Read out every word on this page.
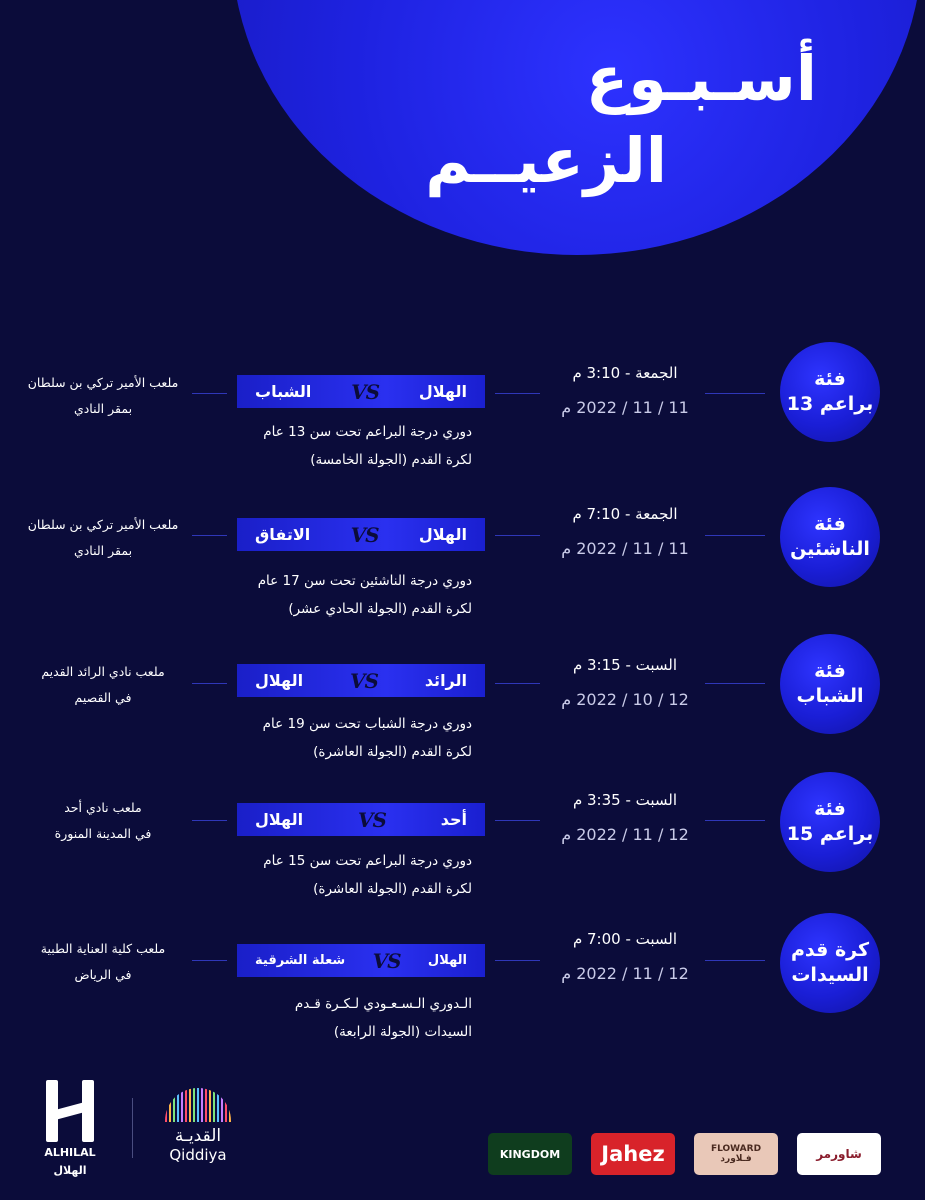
أسـبـوع
الزعيــم
فئة
براعم 13
الجمعة - 3:10 م
11 / 11 / 2022 م
الشباب VS الهلال
دوري درجة البراعم تحت سن 13 عام
لكرة القدم (الجولة الخامسة)
ملعب الأمير تركي بن سلطان
بمقر النادي
فئة
الناشئين
الجمعة - 7:10 م
11 / 11 / 2022 م
الاتفاق VS	الهلال
دوري درجة الناشئين تحت سن 17 عام
لكرة القدم (الجولة الحادي عشر)
ملعب الأمير تركي بن سلطان
بمقر النادي
فئة
الشباب
السبت - 3:15 م
12 / 10 / 2022 م
الهلال VS	الرائد
دوري درجة الشباب تحت سن 19 عام
لكرة القدم (الجولة العاشرة)
ملعب نادي الرائد القديم
في القصيم
فئة
براعم 15
السبت - 3:35 م
12 / 11 / 2022 م
الهلال	VS	أحد
دوري درجة البراعم تحت سن 15 عام
لكرة القدم (الجولة العاشرة)
ملعب نادي أحد
في المدينة المنورة
كرة قدم
السيدات
السبت - 7:00 م
12 / 11 / 2022 م
شعلة الشرقية VS الهلال
الـدوري الـسـعـودي لـكـرة قـدم
السيدات (الجولة الرابعة)
ملعب كلية العناية الطبية
في الرياض
ALHILAL
الهلال
القديـة
Qiddiya	KINGDOM Jahez	FLOWARD
فـلاورد	شاورمر
